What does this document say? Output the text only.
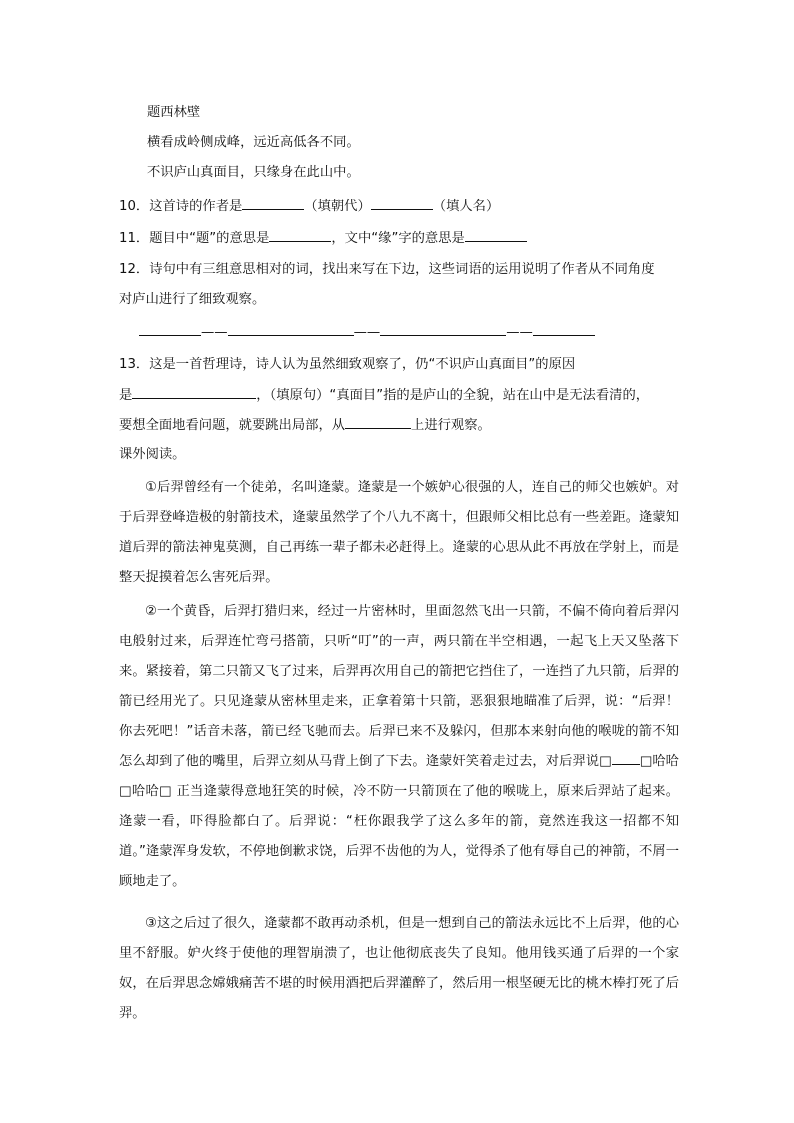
题西林壁
横看成岭侧成峰，远近高低各不同。
不识庐山真面目，只缘身在此山中。
10．这首诗的作者是	（填朝代）	（填人名）
11．题目中“题”的意思是	，文中“缘”字的意思是
12．诗句中有三组意思相对的词，找出来写在下边，这些词语的运用说明了作者从不同角度
对庐山进行了细致观察。
——	——	——
13．这是一首哲理诗，诗人认为虽然细致观察了，仍“不识庐山真面目”的原因
是	，（填原句）“真面目”指的是庐山的全貌，站在山中是无法看清的，
要想全面地看问题，就要跳出局部，从	上进行观察。
课外阅读。
①后羿曾经有一个徒弟，名叫逄蒙。逄蒙是一个嫉妒心很强的人，连自己的师父也嫉妒。对于后羿登峰造极的射箭技术，逄蒙虽然学了个八九不离十，但跟师父相比总有一些差距。逄蒙知道后羿的箭法神鬼莫测，自己再练一辈子都未必赶得上。逄蒙的心思从此不再放在学射上，而是整天捉摸着怎么害死后羿。
②一个黄昏，后羿打猎归来，经过一片密林时，里面忽然飞出一只箭，不偏不倚向着后羿闪电般射过来，后羿连忙弯弓搭箭，只听“叮”的一声，两只箭在半空相遇，一起飞上天又坠落下来。紧接着，第二只箭又飞了过来，后羿再次用自己的箭把它挡住了，一连挡了九只箭，后羿的箭已经用光了。只见逄蒙从密林里走来，正拿着第十只箭，恶狠狠地瞄准了后羿，说：“后羿！你去死吧！”话音未落，箭已经飞驰而去。后羿已来不及躲闪，但那本来射向他的喉咙的箭不知怎么却到了他的嘴里，后羿立刻从马背上倒了下去。逄蒙奸笑着走过去，对后羿说□ □哈哈□哈哈□ 正当逄蒙得意地狂笑的时候，冷不防一只箭顶在了他的喉咙上，原来后羿站了起来。逄蒙一看，吓得脸都白了。后羿说：“枉你跟我学了这么多年的箭，竟然连我这一招都不知道。”逄蒙浑身发软，不停地倒歉求饶，后羿不齿他的为人，觉得杀了他有辱自己的神箭，不屑一顾地走了。
③这之后过了很久，逄蒙都不敢再动杀机，但是一想到自己的箭法永远比不上后羿，他的心里不舒服。妒火终于使他的理智崩溃了，也让他彻底丧失了良知。他用钱买通了后羿的一个家奴，在后羿思念嫦娥痛苦不堪的时候用酒把后羿灌醉了，然后用一根坚硬无比的桃木棒打死了后羿。
